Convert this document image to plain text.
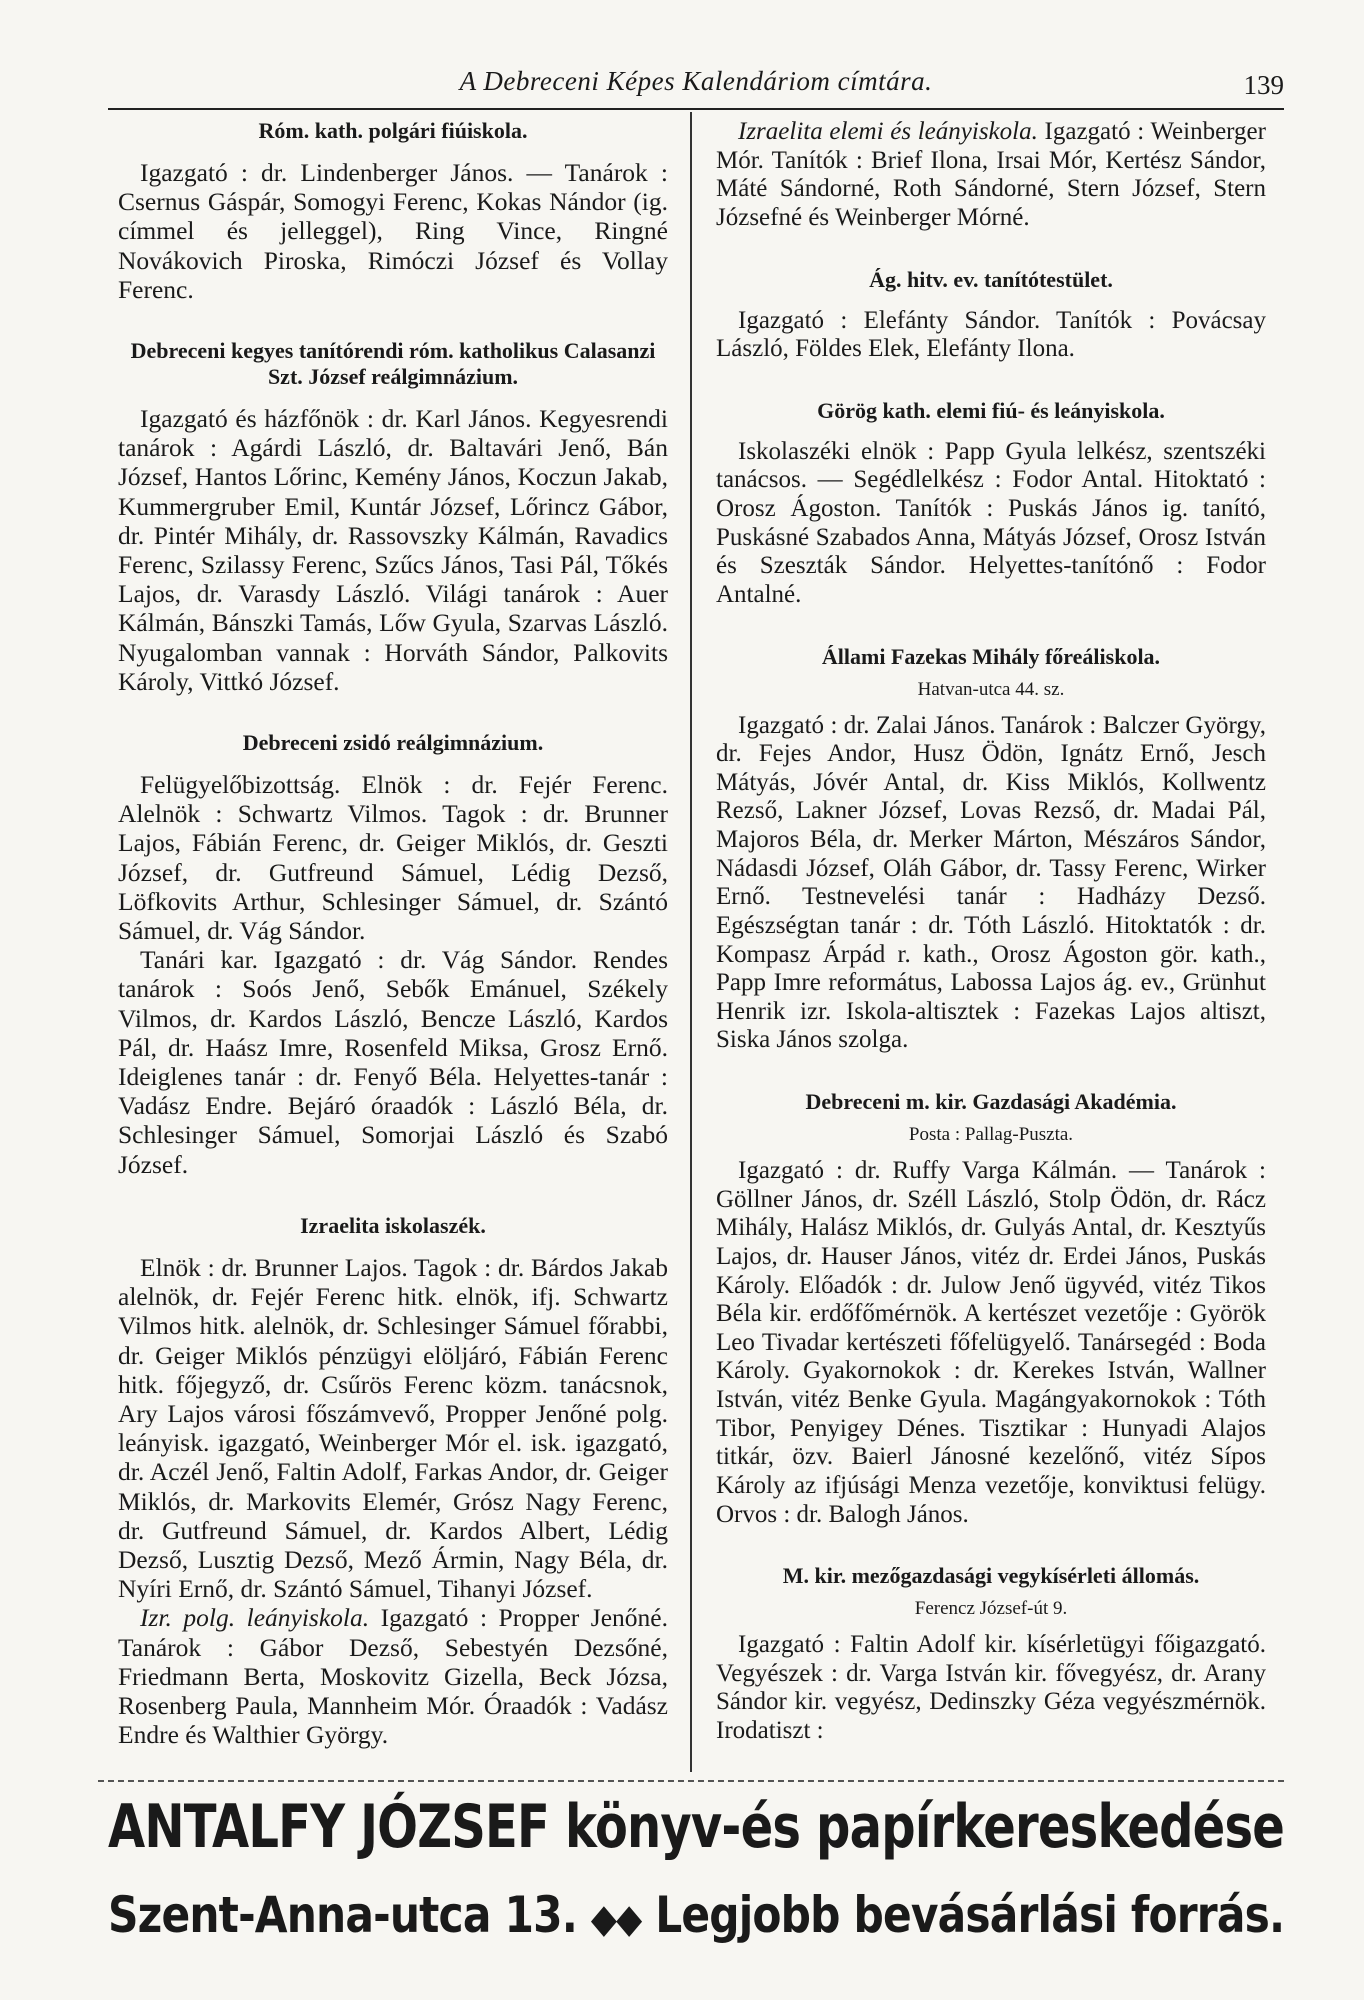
A Debreceni Képes Kalendáriom címtára.	139
Róm. kath. polgári fiúiskola.

Igazgató : dr. Lindenberger János. — Tanárok : Csernus Gáspár, Somogyi Ferenc, Kokas Nándor (ig. címmel és jelleggel), Ring Vince, Ringné Novákovich Piroska, Rimóczi József és Vollay Ferenc.

Debreceni kegyes tanítórendi róm. katholikus Calasanzi Szt. József reálgimnázium.

Igazgató és házfőnök : dr. Karl János. Kegyesrendi tanárok : Agárdi László, dr. Baltavári Jenő, Bán József, Hantos Lőrinc, Kemény János, Koczun Jakab, Kummergruber Emil, Kuntár József, Lőrincz Gábor, dr. Pintér Mihály, dr. Rassovszky Kálmán, Ravadics Ferenc, Szilassy Ferenc, Szűcs János, Tasi Pál, Tőkés Lajos, dr. Varasdy László. Világi tanárok : Auer Kálmán, Bánszki Tamás, Lőw Gyula, Szarvas László. Nyugalomban vannak : Horváth Sándor, Palkovits Károly, Vittkó József.

Debreceni zsidó reálgimnázium.

Felügyelőbizottság. Elnök : dr. Fejér Ferenc. Alelnök : Schwartz Vilmos. Tagok : dr. Brunner Lajos, Fábián Ferenc, dr. Geiger Miklós, dr. Geszti József, dr. Gutfreund Sámuel, Lédig Dezső, Löfkovits Arthur, Schlesinger Sámuel, dr. Szántó Sámuel, dr. Vág Sándor.

Tanári kar. Igazgató : dr. Vág Sándor. Rendes tanárok : Soós Jenő, Sebők Emánuel, Székely Vilmos, dr. Kardos László, Bencze László, Kardos Pál, dr. Haász Imre, Rosenfeld Miksa, Grosz Ernő. Ideiglenes tanár : dr. Fenyő Béla. Helyettes-tanár : Vadász Endre. Bejáró óraadók : László Béla, dr. Schlesinger Sámuel, Somorjai László és Szabó József.

Izraelita iskolaszék.

Elnök : dr. Brunner Lajos. Tagok : dr. Bárdos Jakab alelnök, dr. Fejér Ferenc hitk. elnök, ifj. Schwartz Vilmos hitk. alelnök, dr. Schlesinger Sámuel főrabbi, dr. Geiger Miklós pénzügyi elöljáró, Fábián Ferenc hitk. főjegyző, dr. Csűrös Ferenc közm. tanácsnok, Ary Lajos városi főszámvevő, Propper Jenőné polg. leányisk. igazgató, Weinberger Mór el. isk. igazgató, dr. Aczél Jenő, Faltin Adolf, Farkas Andor, dr. Geiger Miklós, dr. Markovits Elemér, Grósz Nagy Ferenc, dr. Gutfreund Sámuel, dr. Kardos Albert, Lédig Dezső, Lusztig Dezső, Mező Ármin, Nagy Béla, dr. Nyíri Ernő, dr. Szántó Sámuel, Tihanyi József.

Izr. polg. leányiskola. Igazgató : Propper Jenőné. Tanárok : Gábor Dezső, Sebestyén Dezsőné, Friedmann Berta, Moskovitz Gizella, Beck Józsa, Rosenberg Paula, Mannheim Mór. Óraadók : Vadász Endre és Walthier György.

Izraelita elemi és leányiskola. Igazgató : Weinberger Mór. Tanítók : Brief Ilona, Irsai Mór, Kertész Sándor, Máté Sándorné, Roth Sándorné, Stern József, Stern Józsefné és Weinberger Mórné.

Ág. hitv. ev. tanítótestület.

Igazgató : Elefánty Sándor. Tanítók : Povácsay László, Földes Elek, Elefánty Ilona.

Görög kath. elemi fiú- és leányiskola.

Iskolaszéki elnök : Papp Gyula lelkész, szentszéki tanácsos. — Segédlelkész : Fodor Antal. Hitoktató : Orosz Ágoston. Tanítók : Puskás János ig. tanító, Puskásné Szabados Anna, Mátyás József, Orosz István és Szeszták Sándor. Helyettes-tanítónő : Fodor Antalné.

Állami Fazekas Mihály főreáliskola.
Hatvan-utca 44. sz.

Igazgató : dr. Zalai János. Tanárok : Balczer György, dr. Fejes Andor, Husz Ödön, Ignátz Ernő, Jesch Mátyás, Jóvér Antal, dr. Kiss Miklós, Kollwentz Rezső, Lakner József, Lovas Rezső, dr. Madai Pál, Majoros Béla, dr. Merker Márton, Mészáros Sándor, Nádasdi József, Oláh Gábor, dr. Tassy Ferenc, Wirker Ernő. Testnevelési tanár : Hadházy Dezső. Egészségtan tanár : dr. Tóth László. Hitoktatók : dr. Kompasz Árpád r. kath., Orosz Ágoston gör. kath., Papp Imre református, Labossa Lajos ág. ev., Grünhut Henrik izr. Iskola-altisztek : Fazekas Lajos altiszt, Siska János szolga.

Debreceni m. kir. Gazdasági Akadémia.
Posta : Pallag-Puszta.

Igazgató : dr. Ruffy Varga Kálmán. — Tanárok : Göllner János, dr. Széll László, Stolp Ödön, dr. Rácz Mihály, Halász Miklós, dr. Gulyás Antal, dr. Kesztyűs Lajos, dr. Hauser János, vitéz dr. Erdei János, Puskás Károly. Előadók : dr. Julow Jenő ügyvéd, vitéz Tikos Béla kir. erdőfőmérnök. A kertészet vezetője : Györök Leo Tivadar kertészeti főfelügyelő. Tanársegéd : Boda Károly. Gyakornokok : dr. Kerekes István, Wallner István, vitéz Benke Gyula. Magángyakornokok : Tóth Tibor, Penyigey Dénes. Tisztikar : Hunyadi Alajos titkár, özv. Baierl Jánosné kezelőnő, vitéz Sípos Károly az ifjúsági Menza vezetője, konviktusi felügy. Orvos : dr. Balogh János.

M. kir. mezőgazdasági vegykísérleti állomás.
Ferencz József-út 9.

Igazgató : Faltin Adolf kir. kísérletügyi főigazgató. Vegyészek : dr. Varga István kir. fővegyész, dr. Arany Sándor kir. vegyész, Dedinszky Géza vegyészmérnök. Irodatiszt :

ANTALFY JÓZSEF könyv-és papírkereskedése
Szent-Anna-utca 13. ◆◆ Legjobb bevásárlási forrás.
